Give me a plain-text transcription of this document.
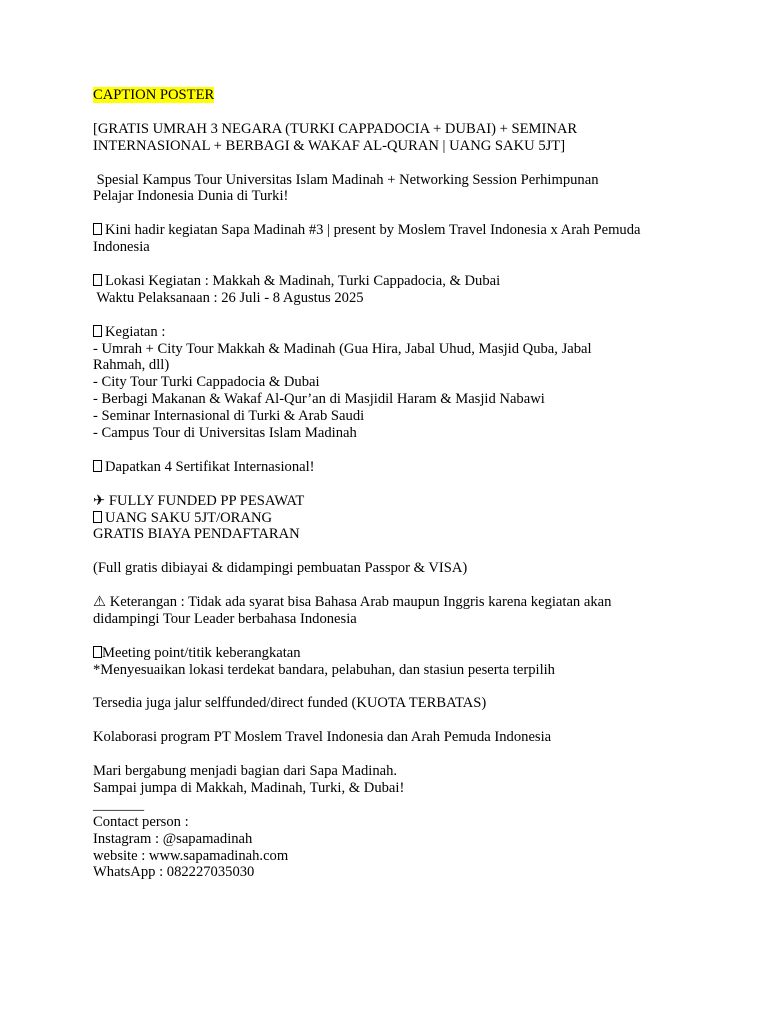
CAPTION POSTER
[GRATIS UMRAH 3 NEGARA (TURKI CAPPADOCIA + DUBAI) + SEMINAR
INTERNASIONAL + BERBAGI & WAKAF AL-QURAN | UANG SAKU 5JT]
Spesial Kampus Tour Universitas Islam Madinah + Networking Session Perhimpunan
Pelajar Indonesia Dunia di Turki!
Kini hadir kegiatan Sapa Madinah #3 | present by Moslem Travel Indonesia x Arah Pemuda
Indonesia
Lokasi Kegiatan : Makkah & Madinah, Turki Cappadocia, & Dubai
Waktu Pelaksanaan : 26 Juli - 8 Agustus 2025
Kegiatan :
- Umrah + City Tour Makkah & Madinah (Gua Hira, Jabal Uhud, Masjid Quba, Jabal
Rahmah, dll)
- City Tour Turki Cappadocia & Dubai
- Berbagi Makanan & Wakaf Al-Qur’an di Masjidil Haram & Masjid Nabawi
- Seminar Internasional di Turki & Arab Saudi
- Campus Tour di Universitas Islam Madinah
Dapatkan 4 Sertifikat Internasional!
✈ FULLY FUNDED PP PESAWAT
UANG SAKU 5JT/ORANG
GRATIS BIAYA PENDAFTARAN
(Full gratis dibiayai & didampingi pembuatan Passpor & VISA)
⚠ Keterangan : Tidak ada syarat bisa Bahasa Arab maupun Inggris karena kegiatan akan
didampingi Tour Leader berbahasa Indonesia
Meeting point/titik keberangkatan
*Menyesuaikan lokasi terdekat bandara, pelabuhan, dan stasiun peserta terpilih
Tersedia juga jalur selffunded/direct funded (KUOTA TERBATAS)
Kolaborasi program PT Moslem Travel Indonesia dan Arah Pemuda Indonesia
Mari bergabung menjadi bagian dari Sapa Madinah.
Sampai jumpa di Makkah, Madinah, Turki, & Dubai!
_______
Contact person :
Instagram : @sapamadinah
website : www.sapamadinah.com
WhatsApp : 082227035030
